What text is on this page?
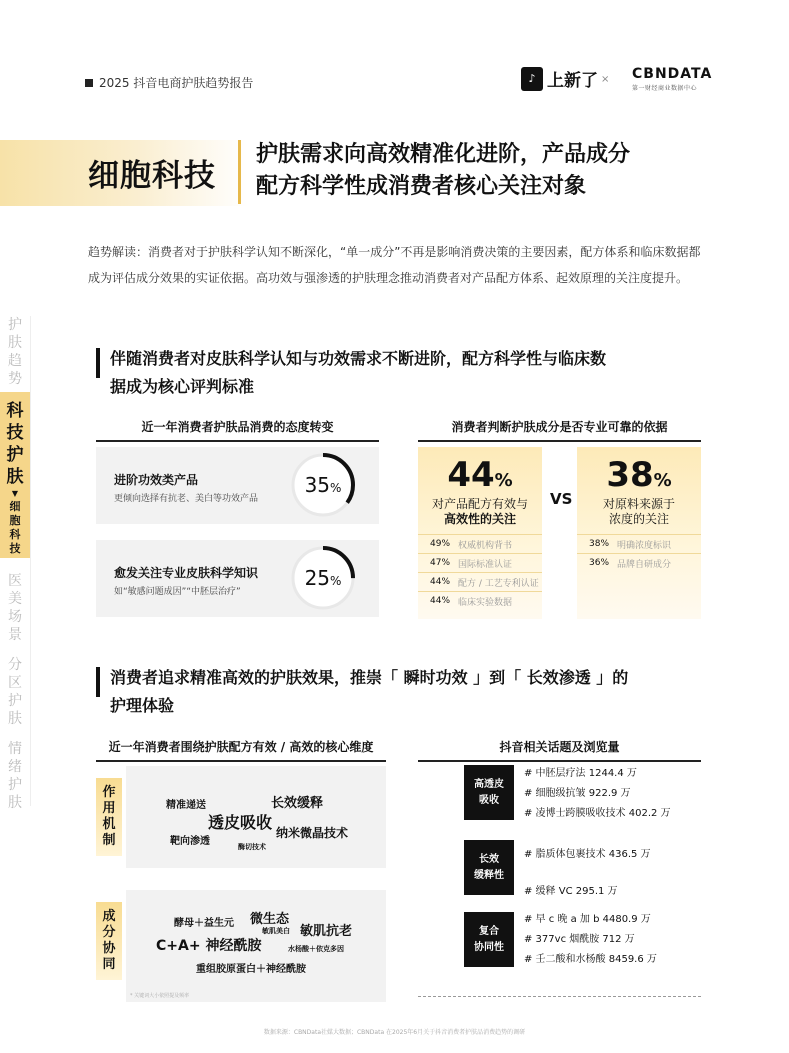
2025 抖音电商护肤趋势报告	♪ 上新了 × CBNDATA
第一财经商业数据中心
细胞科技
护肤需求向高效精准化进阶，产品成分
配方科学性成消费者核心关注对象
趋势解读：消费者对于护肤科学认知不断深化，“单一成分”不再是影响消费决策的主要因素，配方体系和临床数据都成为评估成分效果的实证依据。高功效与强渗透的护肤理念推动消费者对产品配方体系、起效原理的关注度提升。
护
肤
趋
势
科
技
护
肤
▼
细
胞
科
技
医
美
场
景
分
区
护
肤
情
绪
护
肤
伴随消费者对皮肤科学认知与功效需求不断进阶，配方科学性与临床数
据成为核心评判标准
近一年消费者护肤品消费的态度转变
进阶功效类产品
更倾向选择有抗老、美白等功效产品
35%
愈发关注专业皮肤科学知识
如“敏感问题成因”“中胚层治疗”
25%
消费者判断护肤成分是否专业可靠的依据
44%
对产品配方有效与
高效性的关注
49% 权威机构背书
47% 国际标准认证
44% 配方 / 工艺专利认证
44% 临床实验数据
VS
38%
对原料来源于
浓度的关注
38% 明确浓度标识
36% 品牌自研成分
消费者追求精准高效的护肤效果，推崇「 瞬时功效 」到「 长效渗透 」的
护理体验
近一年消费者围绕护肤配方有效 / 高效的核心维度
作
用
机
制
精准递送	长效缓释
透皮吸收
纳米微晶技术
靶向渗透	酶切技术
成
分
协
同
酵母＋益生元 微生态
敏肌美白 敏肌抗老
C+A+ 神经酰胺	水杨酸＋依克多因
重组胶原蛋白＋神经酰胺
* 关键词大小依照提及频率
抖音相关话题及浏览量
高透皮
吸收
# 中胚层疗法 1244.4 万
# 细胞级抗皱 922.9 万
# 凌博士跨膜吸收技术 402.2 万
长效
缓释性
# 脂质体包裹技术 436.5 万
# 缓释 VC 295.1 万
复合
协同性
# 早 c 晚 a 加 b 4480.9 万
# 377vc 烟酰胺 712 万
# 壬二酸和水杨酸 8459.6 万
数据来源：CBNData社媒大数据；CBNData 在2025年6月关于抖音消费者护肤品消费趋势的调研
